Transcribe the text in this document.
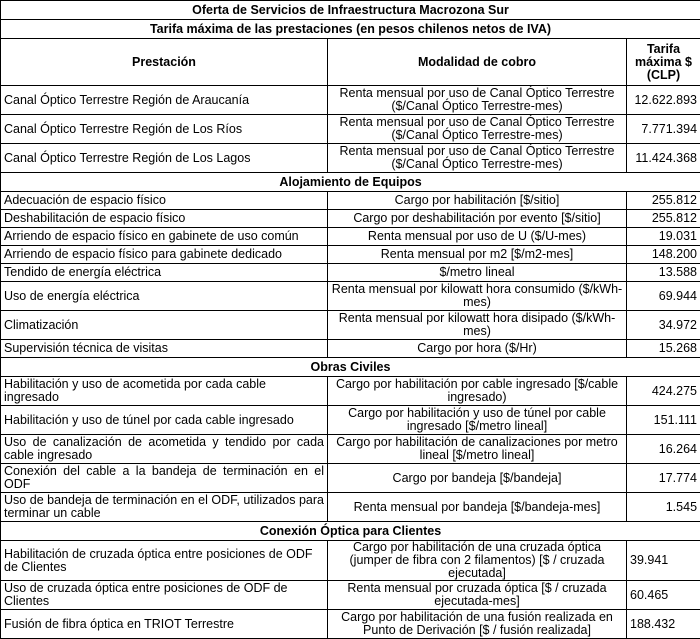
Oferta de Servicios de Infraestructura Macrozona Sur		
Tarifa máxima de las prestaciones (en pesos chilenos netos de IVA)		
Prestación	Modalidad de cobro	Tarifa máxima $ (CLP)
Canal Óptico Terrestre Región de Araucanía	Renta mensual por uso de Canal Óptico Terrestre ($/Canal Óptico Terrestre-mes)	12.622.893
Canal Óptico Terrestre Región de Los Ríos	Renta mensual por uso de Canal Óptico Terrestre ($/Canal Óptico Terrestre-mes)	7.771.394
Canal Óptico Terrestre Región de Los Lagos	Renta mensual por uso de Canal Óptico Terrestre ($/Canal Óptico Terrestre-mes)	11.424.368
Alojamiento de Equipos		
Adecuación de espacio físico	Cargo por habilitación [$/sitio]	255.812
Deshabilitación de espacio físico	Cargo por deshabilitación por evento [$/sitio]	255.812
Arriendo de espacio físico en gabinete de uso común	Renta mensual por uso de U ($/U-mes)	19.031
Arriendo de espacio físico para gabinete dedicado	Renta mensual por m2 [$/m2-mes]	148.200
Tendido de energía eléctrica	$/metro lineal	13.588
Uso de energía eléctrica	Renta mensual por kilowatt hora consumido ($/kWh-mes)	69.944
Climatización	Renta mensual por kilowatt hora disipado ($/kWh-mes)	34.972
Supervisión técnica de visitas	Cargo por hora ($/Hr)	15.268
Obras Civiles		
Habilitación y uso de acometida por cada cable ingresado	Cargo por habilitación por cable ingresado [$/cable ingresado)	424.275
Habilitación y uso de túnel por cada cable ingresado	Cargo por habilitación y uso de túnel por cable ingresado [$/metro lineal]	151.111
Uso de canalización de acometida y tendido por cada cable ingresado	Cargo por habilitación de canalizaciones por metro lineal [$/metro lineal]	16.264
Conexión del cable a la bandeja de terminación en el ODF	Cargo por bandeja [$/bandeja]	17.774
Uso de bandeja de terminación en el ODF, utilizados para terminar un cable	Renta mensual por bandeja [$/bandeja-mes]	1.545
Conexión Óptica para Clientes		
Habilitación de cruzada óptica entre posiciones de ODF de Clientes	Cargo por habilitación de una cruzada óptica (jumper de fibra con 2 filamentos) [$ / cruzada ejecutada]	39.941
Uso de cruzada óptica entre posiciones de ODF de Clientes	Renta mensual por cruzada óptica [$ / cruzada ejecutada-mes]	60.465
Fusión de fibra óptica en TRIOT Terrestre	Cargo por habilitación de una fusión realizada en Punto de Derivación [$ / fusión realizada]	188.432
